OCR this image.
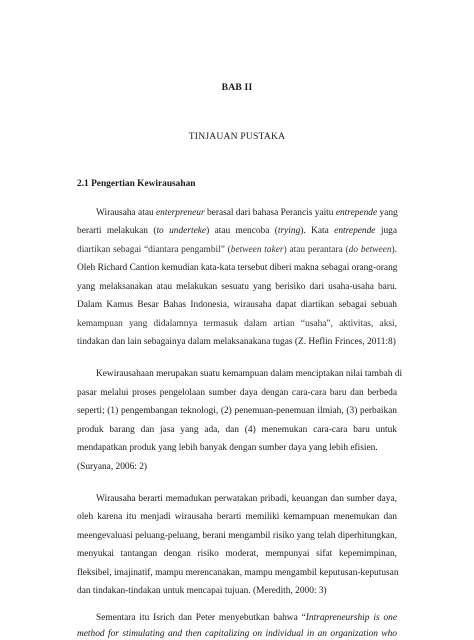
BAB II
TINJAUAN PUSTAKA
2.1 Pengertian Kewirausahan
Wirausaha atau enterpreneur berasal dari bahasa Perancis yaitu entrepende yang
berarti melakukan (to underteke) atau mencoba (trying). Kata entrepende juga
diartikan sebagai “diantara pengambil” (between taker) atau perantara (do between).
Oleh Richard Cantion kemudian kata-kata tersebut diberi makna sebagai orang-orang
yang melaksanakan atau melakukan sesuatu yang berisiko dari usaha-usaha baru.
Dalam Kamus Besar Bahas Indonesia, wirausaha dapat diartikan sebagai sebuah
kemampuan yang didalamnya termasuk dalam artian “usaha”, aktivitas, aksi,
tindakan dan lain sebagainya dalam melaksanakana tugas (Z. Heflin Frinces, 2011:8)
Kewirausahaan merupakan suatu kemampuan dalam menciptakan nilai tambah di
pasar melalui proses pengelolaan sumber daya dengan cara-cara baru dan berbeda
seperti; (1) pengembangan teknologi, (2) penemuan-penemuan ilmiah, (3) perbaikan
produk barang dan jasa yang ada, dan (4) menemukan cara-cara baru untuk
mendapatkan produk yang lebih banyak dengan sumber daya yang lebih efisien.
(Suryana, 2006: 2)
Wirausaha berarti memadukan perwatakan pribadi, keuangan dan sumber daya,
oleh karena itu menjadi wirausaha berarti memiliki kemampuan menemukan dan
meengevaluasi peluang-peluang, berani mengambil risiko yang telah diperhitungkan,
menyukai tantangan dengan risiko moderat, mempunyai sifat kepemimpinan,
fleksibel, imajinatif, mampu merencanakan, mampu mengambil keputusan-keputusan
dan tindakan-tindakan untuk mencapai tujuan. (Meredith, 2000: 3)
Sementara itu Isrich dan Peter menyebutkan bahwa “Intrapreneurship is one
method for stimulating and then capitalizing on individual in an organization who
